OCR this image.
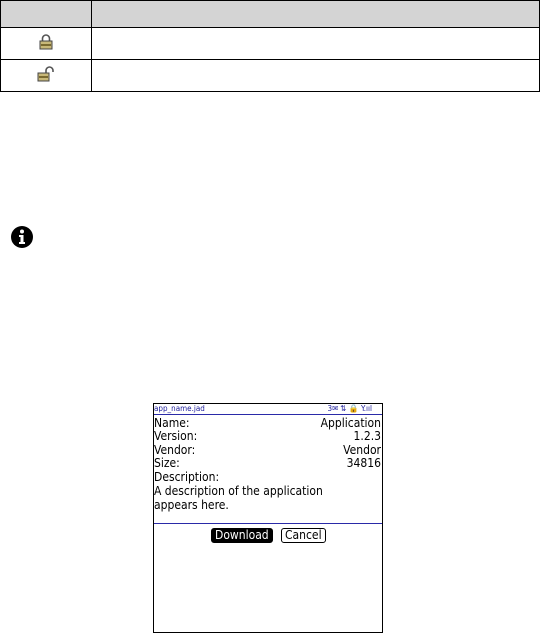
app_name.jad	3✉ ⇅ 🔒 Y.ııl
Name:	Application
Version:	1.2.3
Vendor:	Vendor
Size:	34816
Description:
A description of the application
appears here.
Download	Cancel
